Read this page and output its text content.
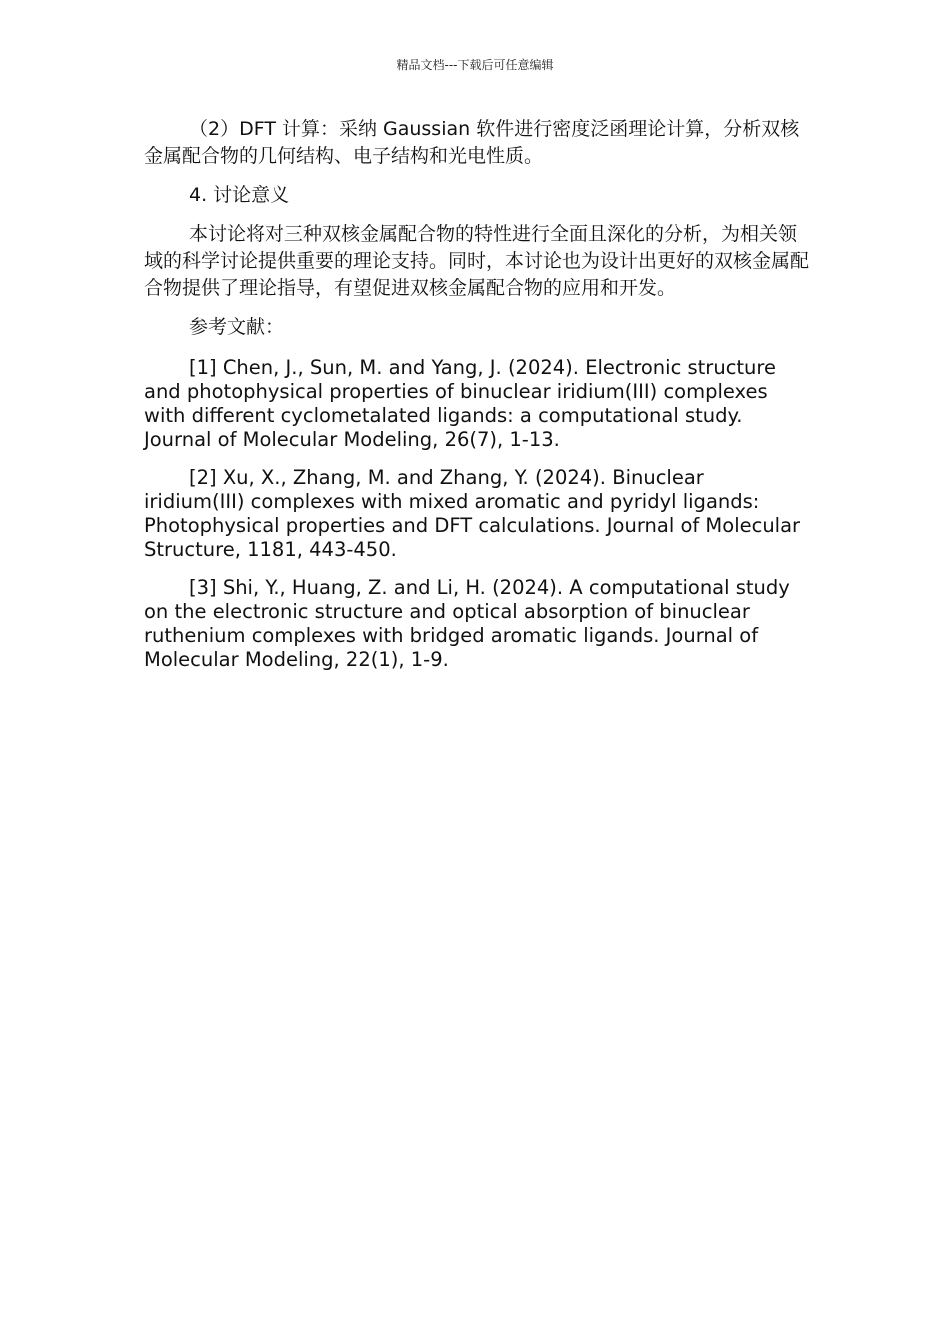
精品文档---下载后可任意编辑

（2）DFT 计算：采纳 Gaussian 软件进行密度泛函理论计算，分析双核金属配合物的几何结构、电子结构和光电性质。

4. 讨论意义

本讨论将对三种双核金属配合物的特性进行全面且深化的分析，为相关领域的科学讨论提供重要的理论支持。同时，本讨论也为设计出更好的双核金属配合物提供了理论指导，有望促进双核金属配合物的应用和开发。

参考文献：

[1] Chen, J., Sun, M. and Yang, J. (2024). Electronic structure and photophysical properties of binuclear iridium(III) complexes with different cyclometalated ligands: a computational study. Journal of Molecular Modeling, 26(7), 1-13.

[2] Xu, X., Zhang, M. and Zhang, Y. (2024). Binuclear iridium(III) complexes with mixed aromatic and pyridyl ligands: Photophysical properties and DFT calculations. Journal of Molecular Structure, 1181, 443-450.

[3] Shi, Y., Huang, Z. and Li, H. (2024). A computational study on the electronic structure and optical absorption of binuclear ruthenium complexes with bridged aromatic ligands. Journal of Molecular Modeling, 22(1), 1-9.
